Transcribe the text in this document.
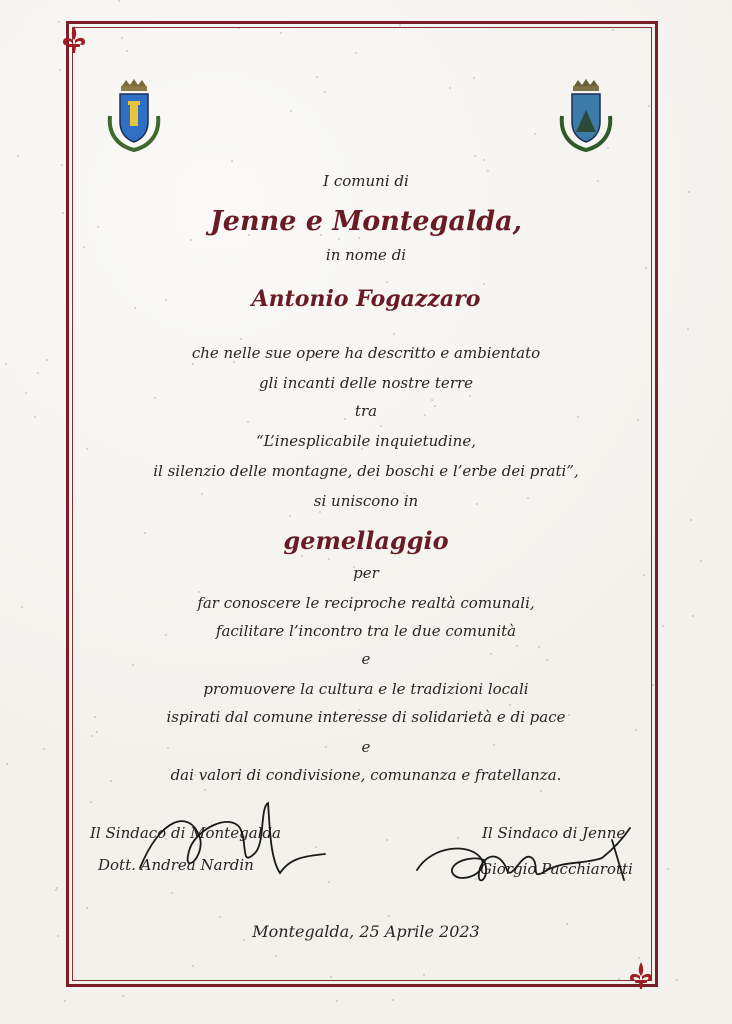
I comuni di
Jenne e Montegalda,
in nome di
Antonio Fogazzaro
che nelle sue opere ha descritto e ambientato
gli incanti delle nostre terre
tra
“L’inesplicabile inquietudine,
il silenzio delle montagne, dei boschi e l’erbe dei prati”,
si uniscono in
gemellaggio
per
far conoscere le reciproche realtà comunali,
facilitare l’incontro tra le due comunità
e
promuovere la cultura e le tradizioni locali
ispirati dal comune interesse di solidarietà e di pace
e
dai valori di condivisione, comunanza e fratellanza.
Il Sindaco di Montegalda
Dott. Andrea Nardin
Il Sindaco di Jenne
Giorgio Pacchiarotti
Montegalda, 25 Aprile 2023
